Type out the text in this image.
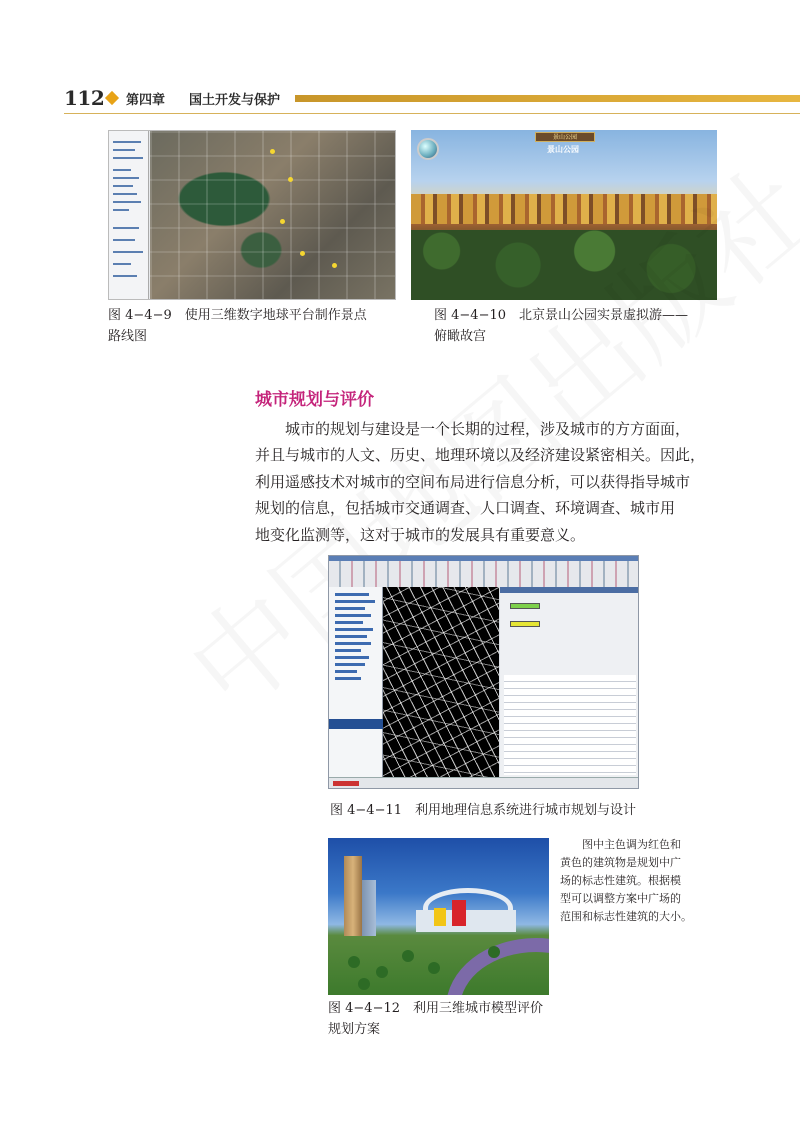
112 第四章 国土开发与保护
图 4−4−9　使用三维数字地球平台制作景点
路线图
景山公园
景山公园
图 4−4−10　北京景山公园实景虚拟游——
俯瞰故宫
城市规划与评价
城市的规划与建设是一个长期的过程，涉及城市的方方面面，
并且与城市的人文、历史、地理环境以及经济建设紧密相关。因此，
利用遥感技术对城市的空间布局进行信息分析，可以获得指导城市
规划的信息，包括城市交通调查、人口调查、环境调查、城市用
地变化监测等，这对于城市的发展具有重要意义。
图 4−4−11　利用地理信息系统进行城市规划与设计
图中主色调为红色和
黄色的建筑物是规划中广
场的标志性建筑。根据模
型可以调整方案中广场的
范围和标志性建筑的大小。
图 4−4−12　利用三维城市模型评价
规划方案
